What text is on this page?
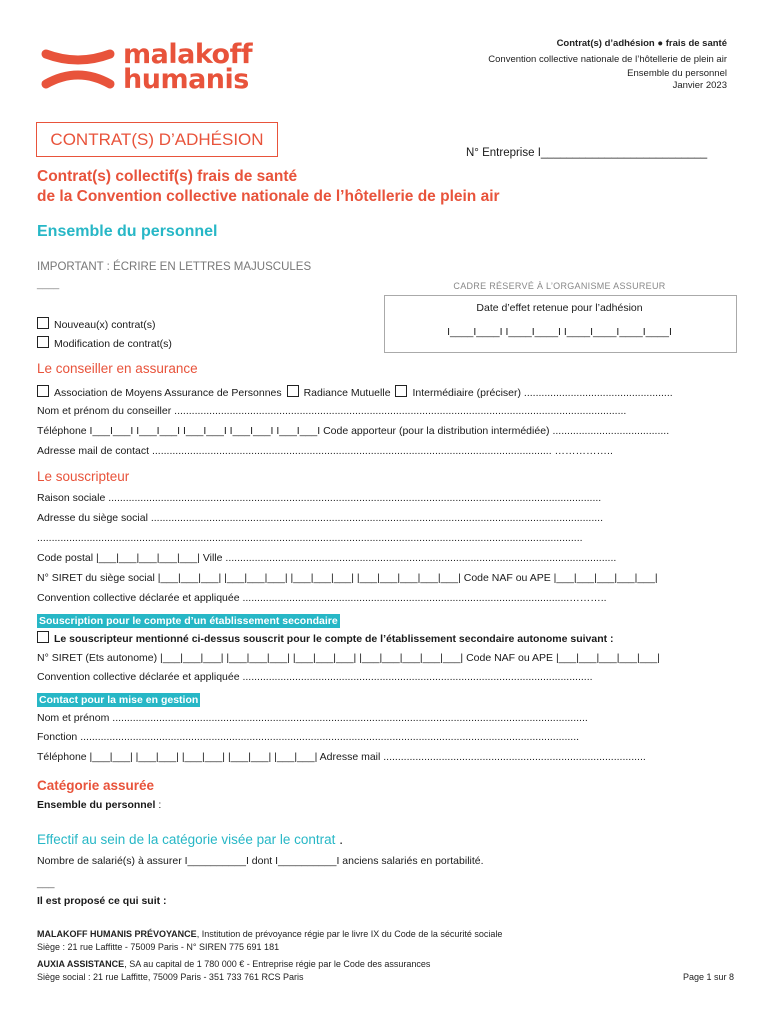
malakoff
humanis
Contrat(s) d’adhésion ● frais de santé
Convention collective nationale de l’hôtellerie de plein air
Ensemble du personnel
Janvier 2023
CONTRAT(S) D’ADHÉSION
N° Entreprise I__________________________
Contrat(s) collectif(s) frais de santé
de la Convention collective nationale de l’hôtellerie de plein air
Ensemble du personnel
IMPORTANT : ÉCRIRE EN LETTRES MAJUSCULES
____	CADRE RÉSERVÉ À L’ORGANISME ASSUREUR
Date d’effet retenue pour l’adhésion
I____I____I I____I____I I____I____I____I____I
Nouveau(x) contrat(s)
Modification de contrat(s)
Le conseiller en assurance
Association de Moyens Assurance de Personnes Radiance Mutuelle Intermédiaire (préciser) ...................................................
Nom et prénom du conseiller ...........................................................................................................................................................
Téléphone I___I___I I___I___I I___I___I I___I___I I___I___I Code apporteur (pour la distribution intermédiée) ........................................
Adresse mail de contact ......................................................................................................................................... ……………..
Le souscripteur
Raison sociale .........................................................................................................................................................................
Adresse du siège social ...........................................................................................................................................................
...........................................................................................................................................................................................
Code postal |___|___|___|___|___| Ville ......................................................................................................................................
N° SIRET du siège social |___|___|___| |___|___|___| |___|___|___| |___|___|___|___|___| Code NAF ou APE |___|___|___|___|___|
Convention collective déclarée et appliquée ................................................................................................................………..
Souscription pour le compte d’un établissement secondaire
Le souscripteur mentionné ci-dessus souscrit pour le compte de l’établissement secondaire autonome suivant :
N° SIRET (Ets autonome) |___|___|___| |___|___|___| |___|___|___| |___|___|___|___|___| Code NAF ou APE |___|___|___|___|___|
Convention collective déclarée et appliquée ........................................................................................................................
Contact pour la mise en gestion
Nom et prénom ...................................................................................................................................................................
Fonction ...........................................................................................................................................................................
Téléphone |___|___| |___|___| |___|___| |___|___| |___|___| Adresse mail ..........................................................................................
Catégorie assurée
Ensemble du personnel :
Effectif au sein de la catégorie visée par le contrat .
Nombre de salarié(s) à assurer I__________I dont I__________I anciens salariés en portabilité.
___
Il est proposé ce qui suit :
MALAKOFF HUMANIS PRÉVOYANCE, Institution de prévoyance régie par le livre IX du Code de la sécurité sociale
Siège : 21 rue Laffitte - 75009 Paris - N° SIREN 775 691 181
AUXIA ASSISTANCE, SA au capital de 1 780 000 € - Entreprise régie par le Code des assurances
Siège social : 21 rue Laffitte, 75009 Paris - 351 733 761 RCS Paris	Page 1 sur 8
